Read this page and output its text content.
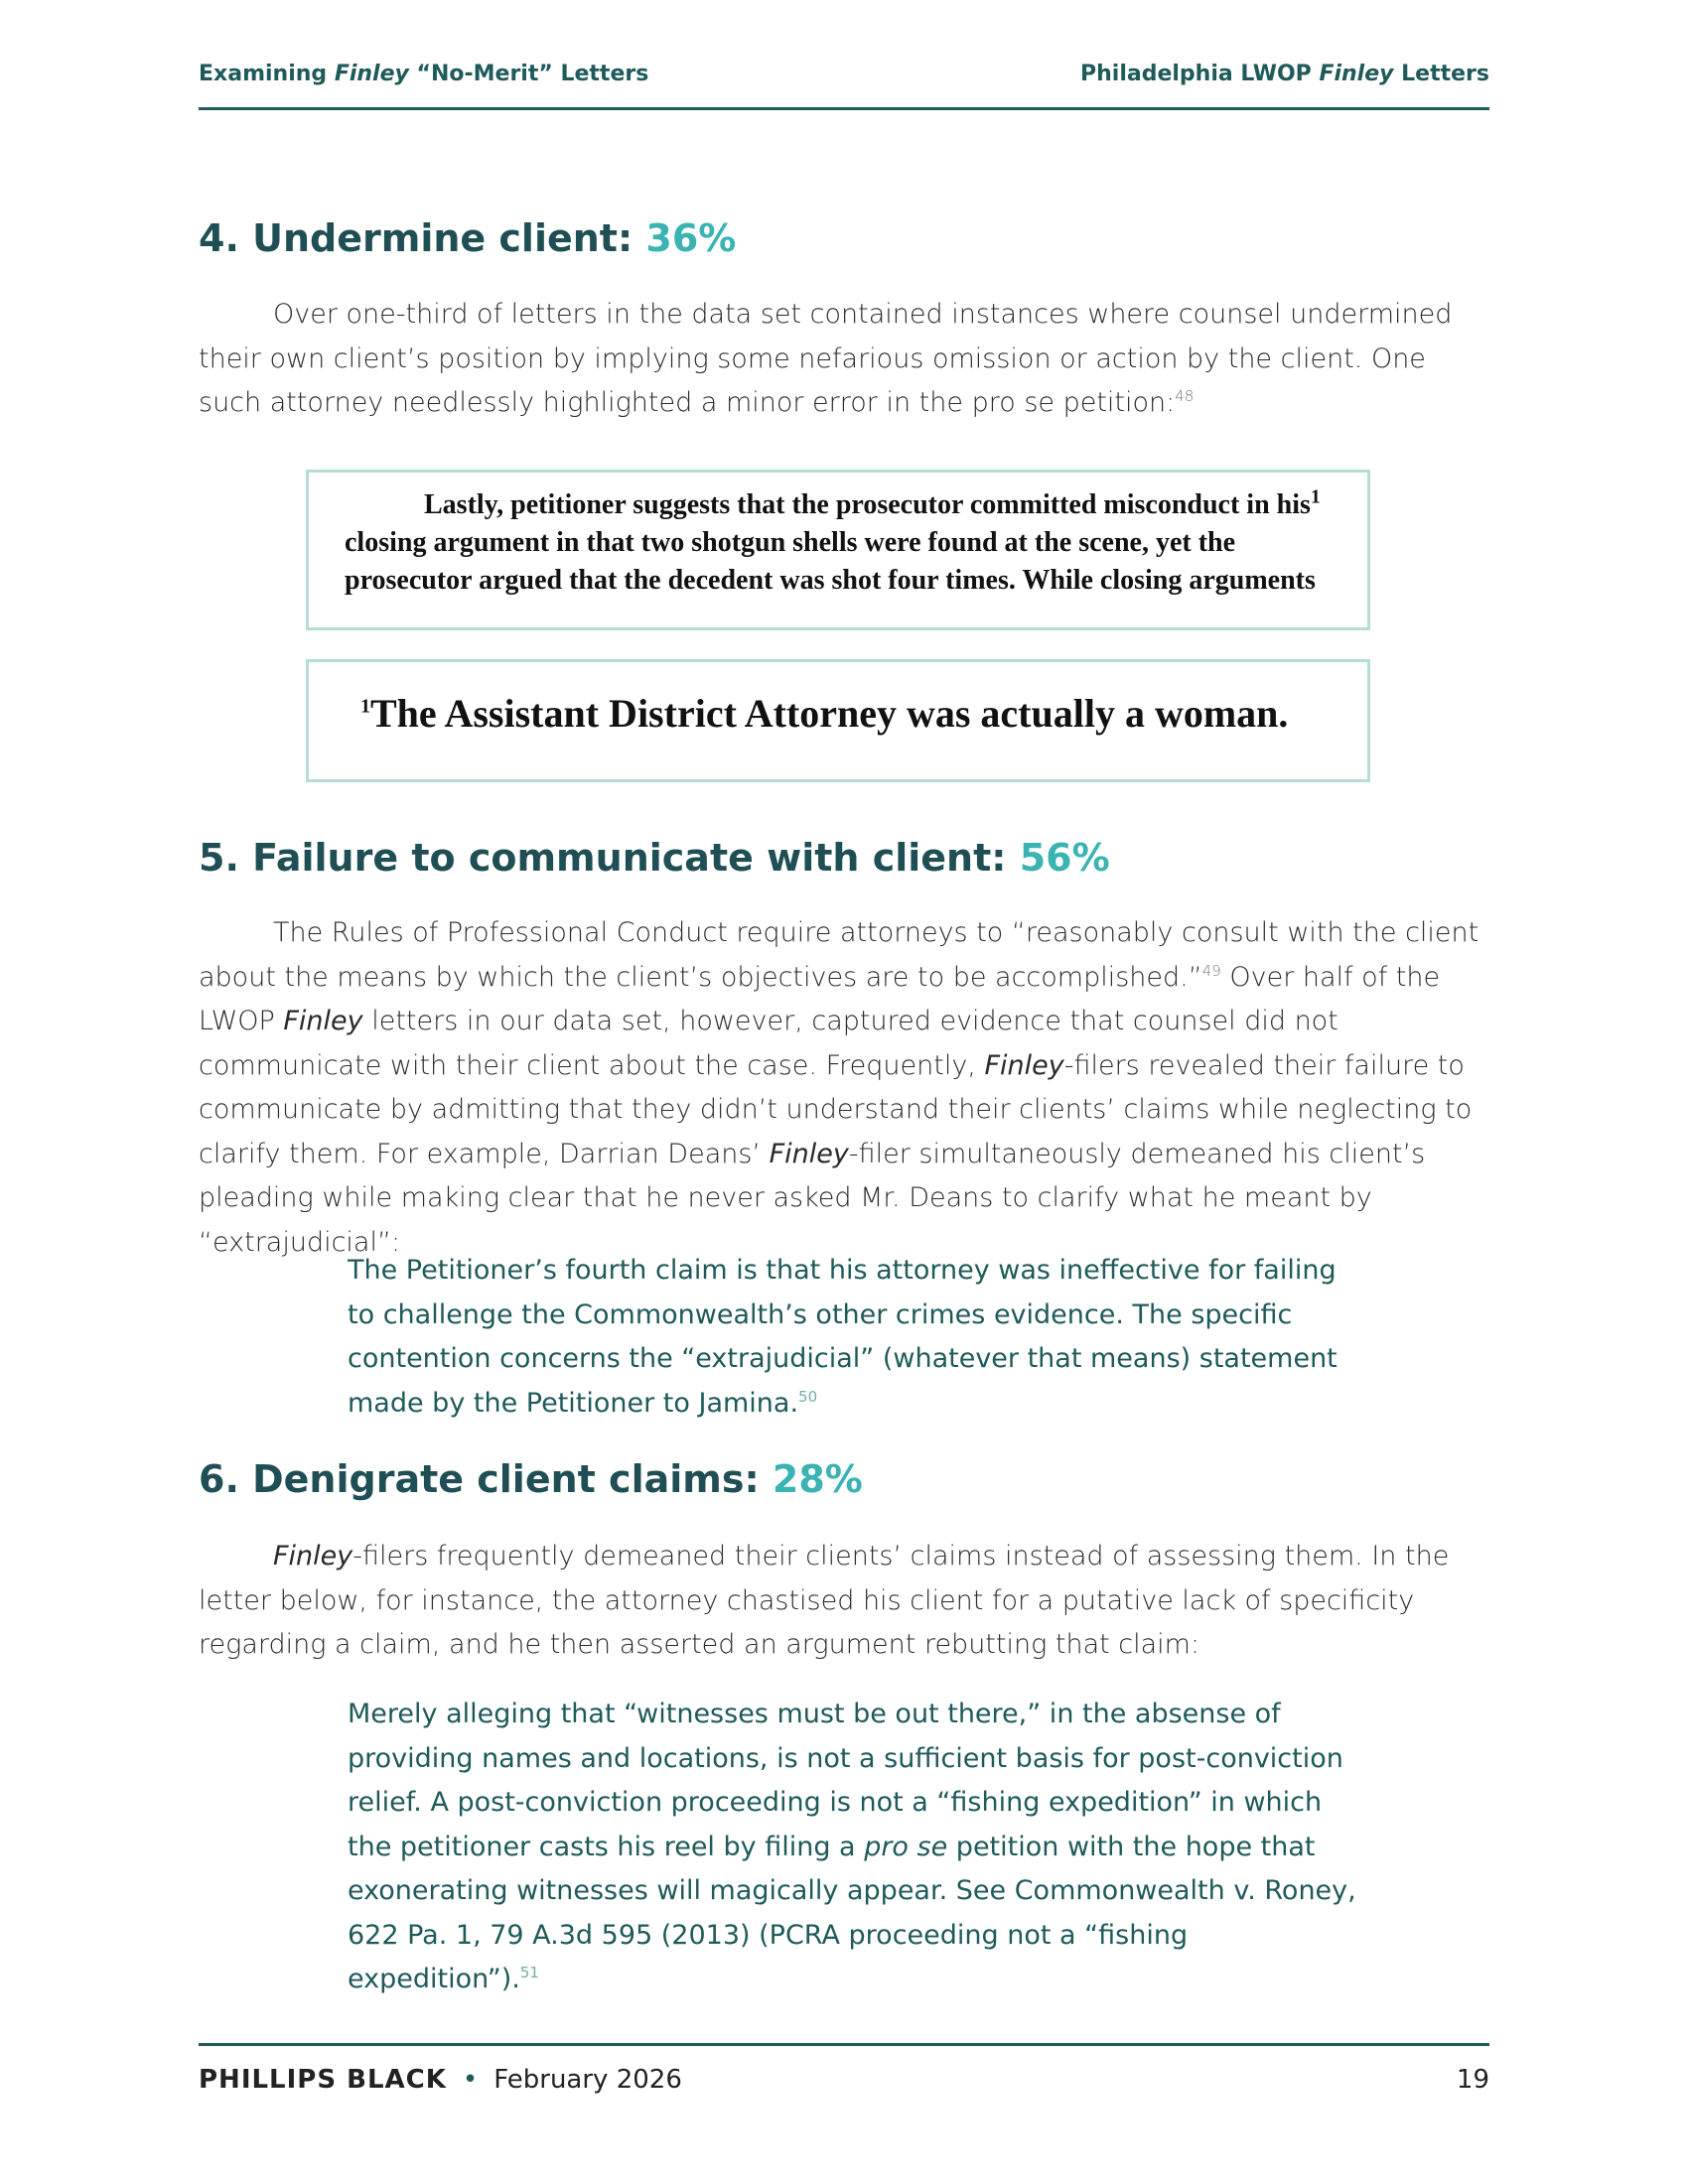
Examining Finley “No-Merit” Letters	Philadelphia LWOP Finley Letters
4. Undermine client: 36%

Over one-third of letters in the data set contained instances where counsel undermined their own client’s position by implying some nefarious omission or action by the client. One such attorney needlessly highlighted a minor error in the pro se petition:$^{48}$

Lastly, petitioner suggests that the prosecutor committed misconduct in his$^1$
closing argument in that two shotgun shells were found at the scene, yet the
prosecutor argued that the decedent was shot four times. While closing arguments
$^1$The Assistant District Attorney was actually a woman.
5. Failure to communicate with client: 56%

The Rules of Professional Conduct require attorneys to “reasonably consult with the client about the means by which the client’s objectives are to be accomplished.”$^{49}$ Over half of the LWOP Finley letters in our data set, however, captured evidence that counsel did not communicate with their client about the case. Frequently, Finley-filers revealed their failure to communicate by admitting that they didn’t understand their clients’ claims while neglecting to clarify them. For example, Darrian Deans’ Finley-filer simultaneously demeaned his client’s pleading while making clear that he never asked Mr. Deans to clarify what he meant by “extrajudicial”:

The Petitioner’s fourth claim is that his attorney was ineffective for failing to challenge the Commonwealth’s other crimes evidence. The specific contention concerns the “extrajudicial” (whatever that means) statement made by the Petitioner to Jamina.$^{50}$

6. Denigrate client claims: 28%

Finley-filers frequently demeaned their clients’ claims instead of assessing them. In the letter below, for instance, the attorney chastised his client for a putative lack of specificity regarding a claim, and he then asserted an argument rebutting that claim:

Merely alleging that “witnesses must be out there,” in the absense of providing names and locations, is not a sufficient basis for post-conviction relief. A post-conviction proceeding is not a “fishing expedition” in which the petitioner casts his reel by filing a pro se petition with the hope that exonerating witnesses will magically appear. See Commonwealth v. Roney, 622 Pa. 1, 79 A.3d 595 (2013) (PCRA proceeding not a “fishing expedition”).$^{51}$

PHILLIPS BLACK • February 2026	19
